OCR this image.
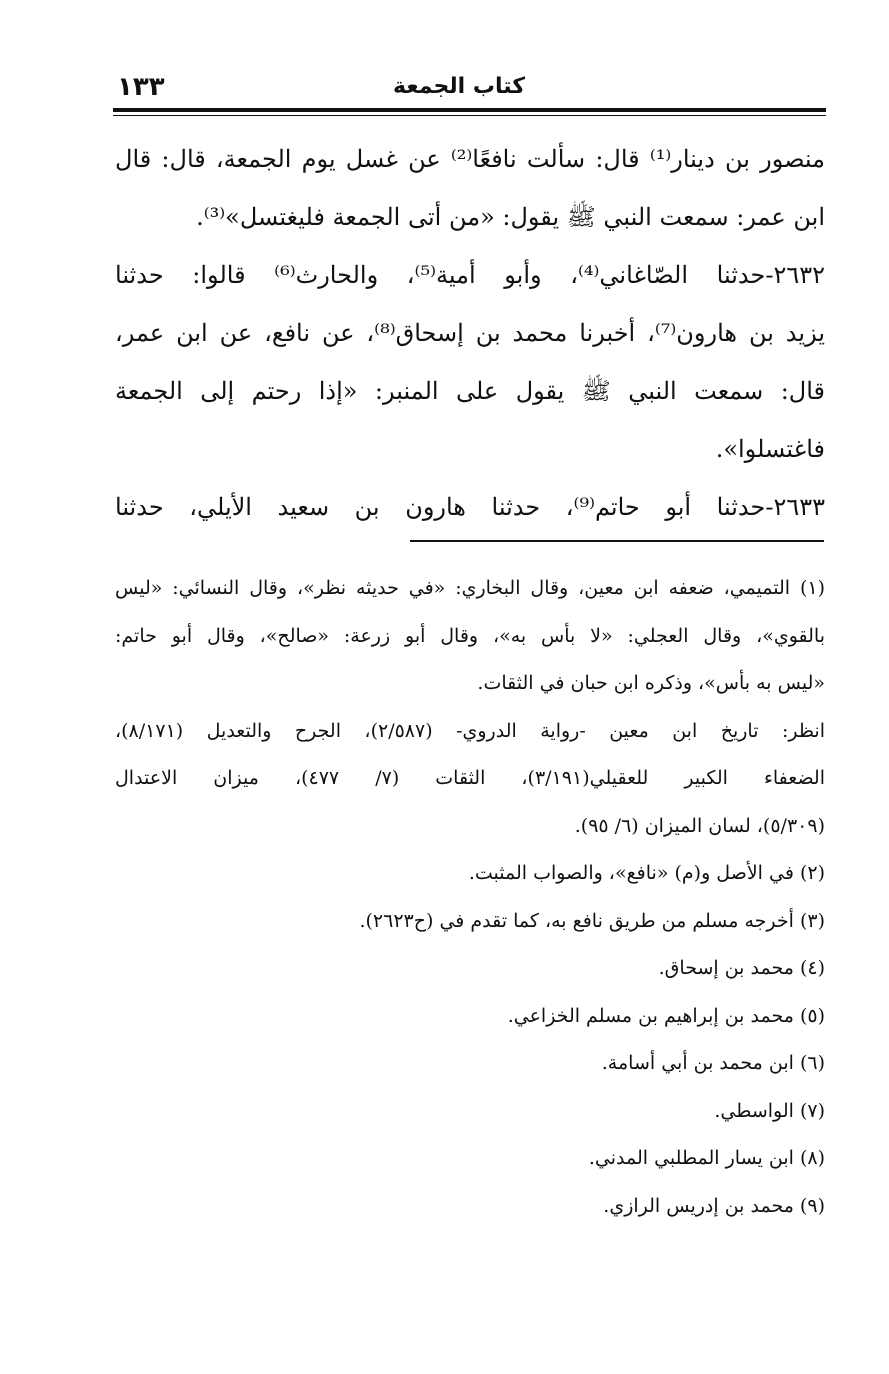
كتاب الجمعة
١٣٣
منصور بن دينار⁽¹⁾ قال: سألت نافعًا⁽²⁾ عن غسل يوم الجمعة، قال: قال
ابن عمر: سمعت النبي ﷺ يقول: «من أتى الجمعة فليغتسل»⁽³⁾.
٢٦٣٢-حدثنا الصّاغاني⁽⁴⁾، وأبو أمية⁽⁵⁾، والحارث⁽⁶⁾ قالوا: حدثنا
يزيد بن هارون⁽⁷⁾، أخبرنا محمد بن إسحاق⁽⁸⁾، عن نافع، عن ابن عمر،
قال: سمعت النبي ﷺ يقول على المنبر: «إذا رحتم إلى الجمعة
فاغتسلوا».
٢٦٣٣-حدثنا أبو حاتم⁽⁹⁾، حدثنا هارون بن سعيد الأيلي، حدثنا
(١) التميمي، ضعفه ابن معين، وقال البخاري: «في حديثه نظر»، وقال النسائي: «ليس
بالقوي»، وقال العجلي: «لا بأس به»، وقال أبو زرعة: «صالح»، وقال أبو حاتم:
«ليس به بأس»، وذكره ابن حبان في الثقات.
انظر: تاريخ ابن معين -رواية الدروي- (٢/٥٨٧)، الجرح والتعديل (٨/١٧١)،
الضعفاء الكبير للعقيلي(٣/١٩١)، الثقات (٧/ ٤٧٧)، ميزان الاعتدال
(٥/٣٠٩)، لسان الميزان (٦/ ٩٥).
(٢) في الأصل و(م) «نافع»، والصواب المثبت.
(٣) أخرجه مسلم من طريق نافع به، كما تقدم في (ح٢٦٢٣).
(٤) محمد بن إسحاق.
(٥) محمد بن إبراهيم بن مسلم الخزاعي.
(٦) ابن محمد بن أبي أسامة.
(٧) الواسطي.
(٨) ابن يسار المطلبي المدني.
(٩) محمد بن إدريس الرازي.
